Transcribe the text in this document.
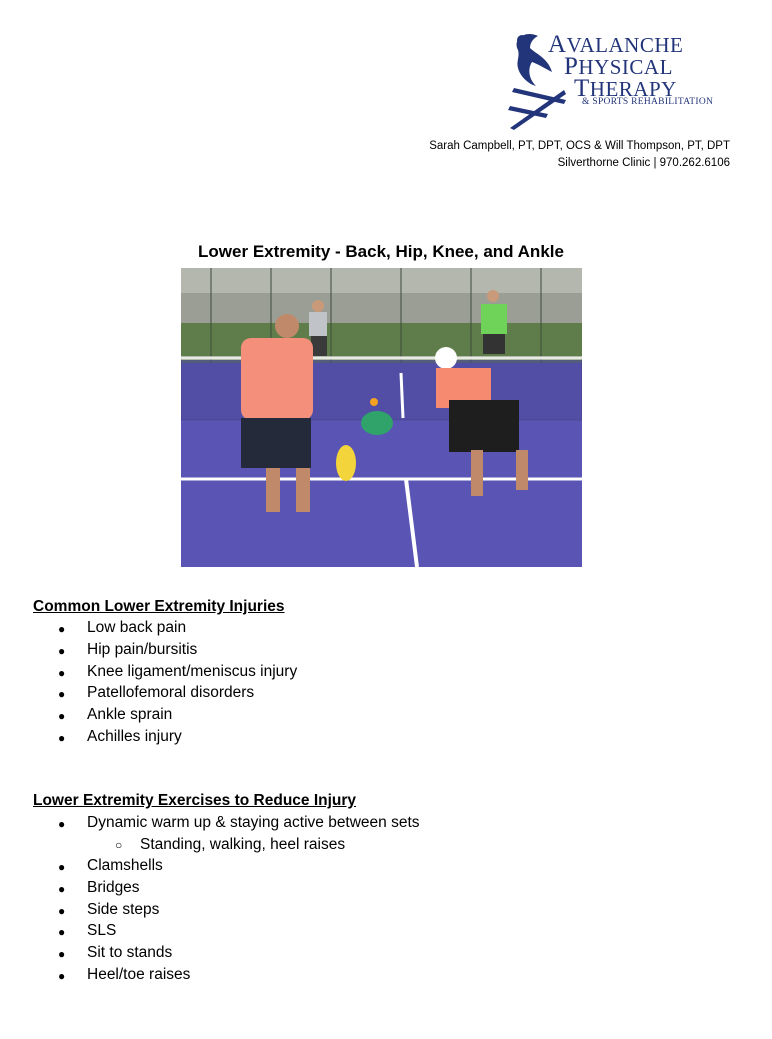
AVALANCHE
PHYSICAL
THERAPY
& SPORTS REHABILITATION
Sarah Campbell, PT, DPT, OCS & Will Thompson, PT, DPT
Silverthorne Clinic | 970.262.6106
Lower Extremity - Back, Hip, Knee, and Ankle
Common Lower Extremity Injuries
● Low back pain
● Hip pain/bursitis
● Knee ligament/meniscus injury
● Patellofemoral disorders
● Ankle sprain
● Achilles injury
Lower Extremity Exercises to Reduce Injury
● Dynamic warm up & staying active between sets
○ Standing, walking, heel raises
● Clamshells
● Bridges
● Side steps
● SLS
● Sit to stands
● Heel/toe raises
